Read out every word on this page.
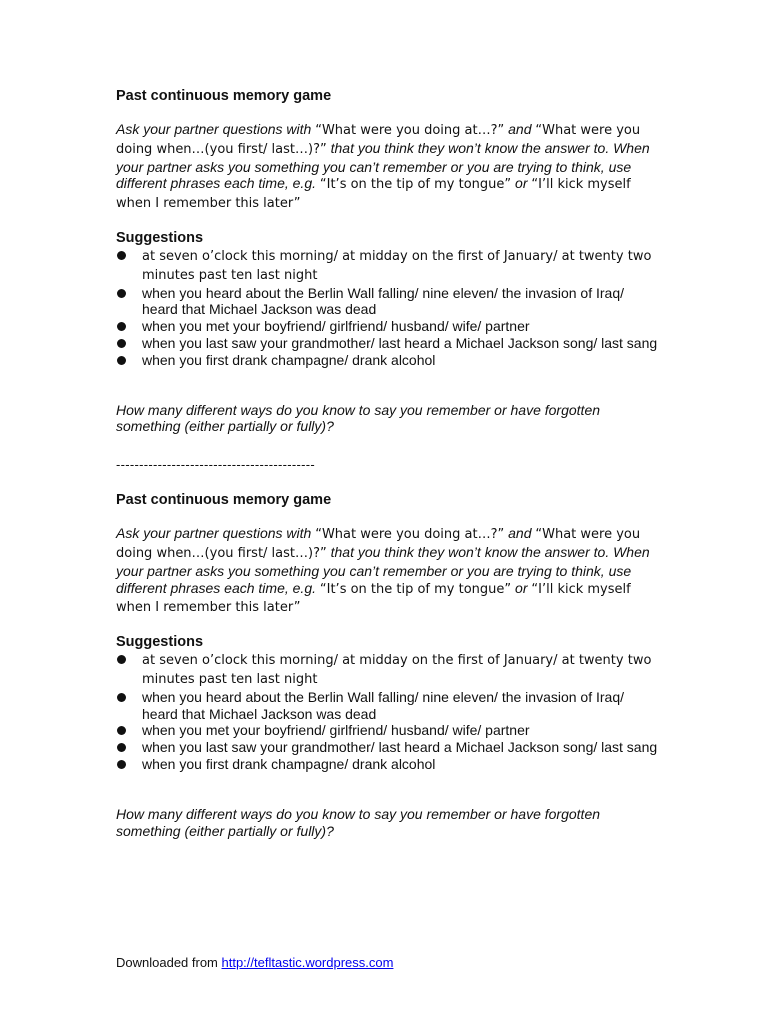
Past continuous memory game
Ask your partner questions with “What were you doing at…?” and “What were you doing when…(you first/ last…)?” that you think they won’t know the answer to. When your partner asks you something you can’t remember or you are trying to think, use different phrases each time, e.g. “It’s on the tip of my tongue” or “I’ll kick myself when I remember this later”
Suggestions
at seven o’clock this morning/ at midday on the first of January/ at twenty two minutes past ten last night
when you heard about the Berlin Wall falling/ nine eleven/ the invasion of Iraq/ heard that Michael Jackson was dead
when you met your boyfriend/ girlfriend/ husband/ wife/ partner
when you last saw your grandmother/ last heard a Michael Jackson song/ last sang
when you first drank champagne/ drank alcohol
How many different ways do you know to say you remember or have forgotten something (either partially or fully)?
-------------------------------------------
Past continuous memory game
Ask your partner questions with “What were you doing at…?” and “What were you doing when…(you first/ last…)?” that you think they won’t know the answer to. When your partner asks you something you can’t remember or you are trying to think, use different phrases each time, e.g. “It’s on the tip of my tongue” or “I’ll kick myself when I remember this later”
Suggestions
at seven o’clock this morning/ at midday on the first of January/ at twenty two minutes past ten last night
when you heard about the Berlin Wall falling/ nine eleven/ the invasion of Iraq/ heard that Michael Jackson was dead
when you met your boyfriend/ girlfriend/ husband/ wife/ partner
when you last saw your grandmother/ last heard a Michael Jackson song/ last sang
when you first drank champagne/ drank alcohol
How many different ways do you know to say you remember or have forgotten something (either partially or fully)?
Downloaded from http://tefltastic.wordpress.com
